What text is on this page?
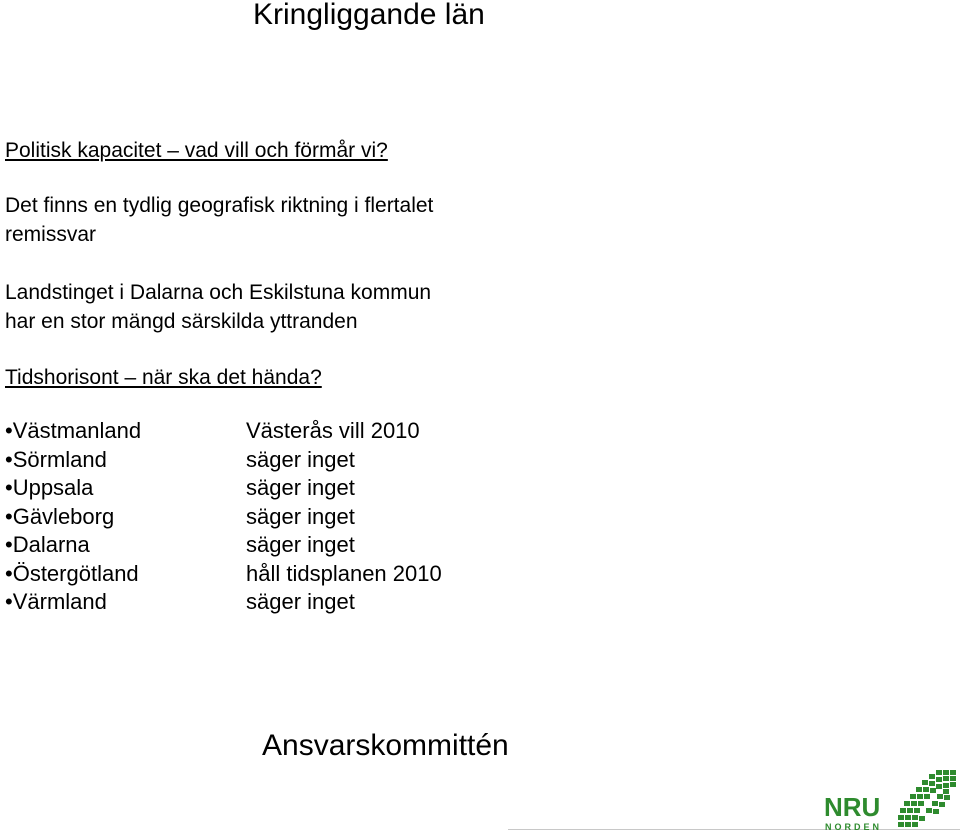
Kringliggande län

Politisk kapacitet – vad vill och förmår vi?

Det finns en tydlig geografisk riktning i flertalet
remissvar
Landstinget i Dalarna och Eskilstuna kommun
har en stor mängd särskilda yttranden

Tidshorisont – när ska det hända?

• Västmanland	Västerås vill 2010
• Sörmland	säger inget
• Uppsala	säger inget
• Gävleborg	säger inget
• Dalarna	säger inget
• Östergötland	håll tidsplanen 2010
• Värmland	säger inget
Ansvarskommittén
NRU
NORDEN
